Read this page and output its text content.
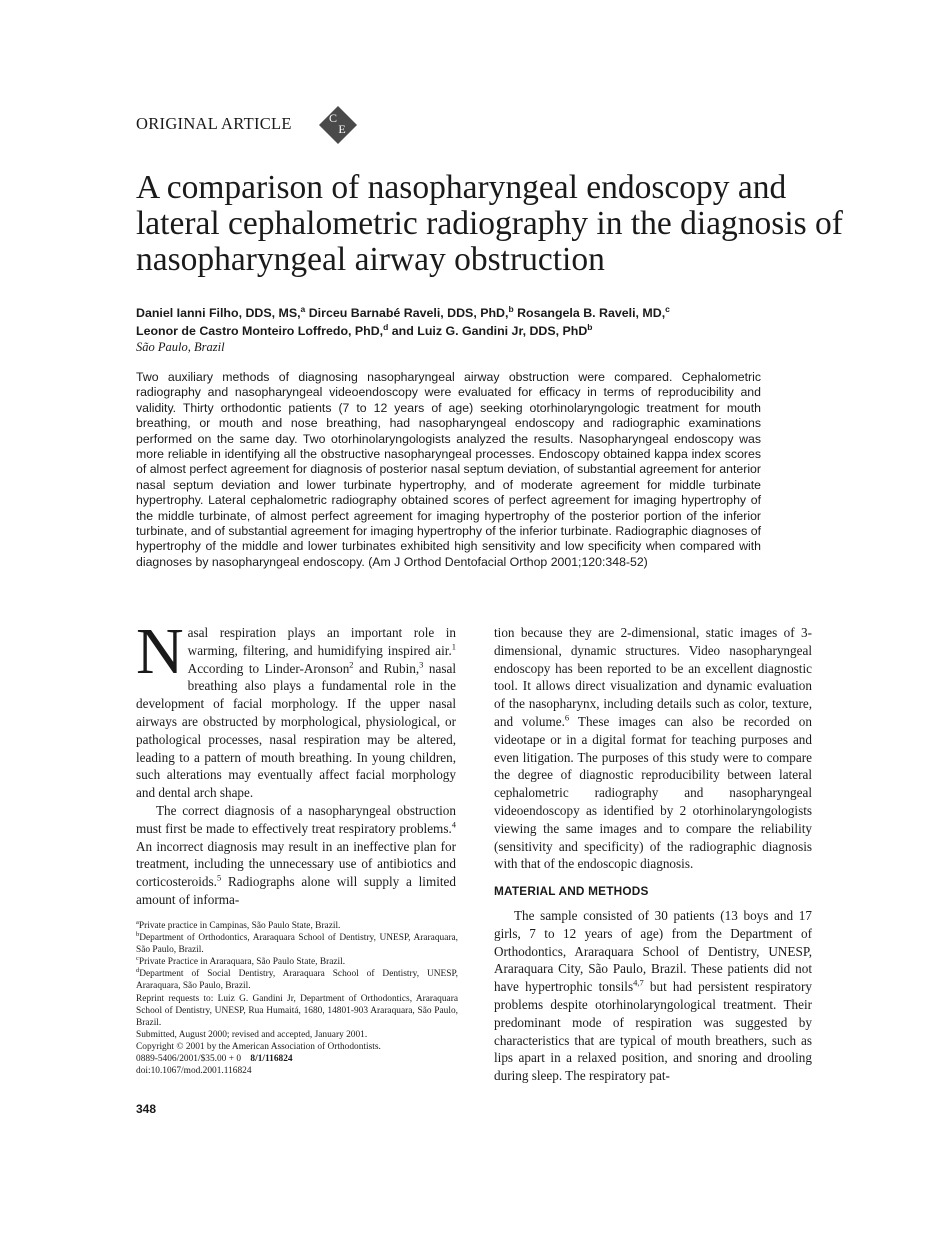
ORIGINAL ARTICLE	C
E
A comparison of nasopharyngeal endoscopy and lateral cephalometric radiography in the diagnosis of nasopharyngeal airway obstruction
Daniel Ianni Filho, DDS, MS,$^a$ Dirceu Barnabé Raveli, DDS, PhD,$^b$ Rosangela B. Raveli, MD,$^c$
Leonor de Castro Monteiro Loffredo, PhD,$^d$ and Luiz G. Gandini Jr, DDS, PhD$^b$
São Paulo, Brazil

Two auxiliary methods of diagnosing nasopharyngeal airway obstruction were compared. Cephalometric radiography and nasopharyngeal videoendoscopy were evaluated for efficacy in terms of reproducibility and validity. Thirty orthodontic patients (7 to 12 years of age) seeking otorhinolaryngologic treatment for mouth breathing, or mouth and nose breathing, had nasopharyngeal endoscopy and radiographic examinations performed on the same day. Two otorhinolaryngologists analyzed the results. Nasopharyngeal endoscopy was more reliable in identifying all the obstructive nasopharyngeal processes. Endoscopy obtained kappa index scores of almost perfect agreement for diagnosis of posterior nasal septum deviation, of substantial agreement for anterior nasal septum deviation and lower turbinate hypertrophy, and of moderate agreement for middle turbinate hypertrophy. Lateral cephalometric radiography obtained scores of perfect agreement for imaging hypertrophy of the middle turbinate, of almost perfect agreement for imaging hypertrophy of the posterior portion of the inferior turbinate, and of substantial agreement for imaging hypertrophy of the inferior turbinate. Radiographic diagnoses of hypertrophy of the middle and lower turbinates exhibited high sensitivity and low specificity when compared with diagnoses by nasopharyngeal endoscopy. (Am J Orthod Dentofacial Orthop 2001;120:348-52)

Nasal respiration plays an important role in warming, filtering, and humidifying inspired air.$^1$ According to Linder-Aronson$^2$ and Rubin,$^3$ nasal breathing also plays a fundamental role in the development of facial morphology. If the upper nasal airways are obstructed by morphological, physiological, or pathological processes, nasal respiration may be altered, leading to a pattern of mouth breathing. In young children, such alterations may eventually affect facial morphology and dental arch shape.

The correct diagnosis of a nasopharyngeal obstruction must first be made to effectively treat respiratory problems.$^4$ An incorrect diagnosis may result in an ineffective plan for treatment, including the unnecessary use of antibiotics and corticosteroids.$^5$ Radiographs alone will supply a limited amount of informa-

tion because they are 2-dimensional, static images of 3-dimensional, dynamic structures. Video nasopharyngeal endoscopy has been reported to be an excellent diagnostic tool. It allows direct visualization and dynamic evaluation of the nasopharynx, including details such as color, texture, and volume.$^6$ These images can also be recorded on videotape or in a digital format for teaching purposes and even litigation. The purposes of this study were to compare the degree of diagnostic reproducibility between lateral cephalometric radiography and nasopharyngeal videoendoscopy as identified by 2 otorhinolaryngologists viewing the same images and to compare the reliability (sensitivity and specificity) of the radiographic diagnosis with that of the endoscopic diagnosis.

MATERIAL AND METHODS

The sample consisted of 30 patients (13 boys and 17 girls, 7 to 12 years of age) from the Department of Orthodontics, Araraquara School of Dentistry, UNESP, Araraquara City, São Paulo, Brazil. These patients did not have hypertrophic tonsils$^{4,7}$ but had persistent respiratory problems despite otorhinolaryngological treatment. Their predominant mode of respiration was suggested by characteristics that are typical of mouth breathers, such as lips apart in a relaxed position, and snoring and drooling during sleep. The respiratory pat-

$^a$Private practice in Campinas, São Paulo State, Brazil.
$^b$Department of Orthodontics, Araraquara School of Dentistry, UNESP, Araraquara, São Paulo, Brazil.
$^c$Private Practice in Araraquara, São Paulo State, Brazil.
$^d$Department of Social Dentistry, Araraquara School of Dentistry, UNESP, Araraquara, São Paulo, Brazil.
Reprint requests to: Luiz G. Gandini Jr, Department of Orthodontics, Araraquara School of Dentistry, UNESP, Rua Humaitá, 1680, 14801-903 Araraquara, São Paulo, Brazil.
Submitted, August 2000; revised and accepted, January 2001.
Copyright © 2001 by the American Association of Orthodontists.
0889-5406/2001/$35.00 + 0  8/1/116824
doi:10.1067/mod.2001.116824
348
